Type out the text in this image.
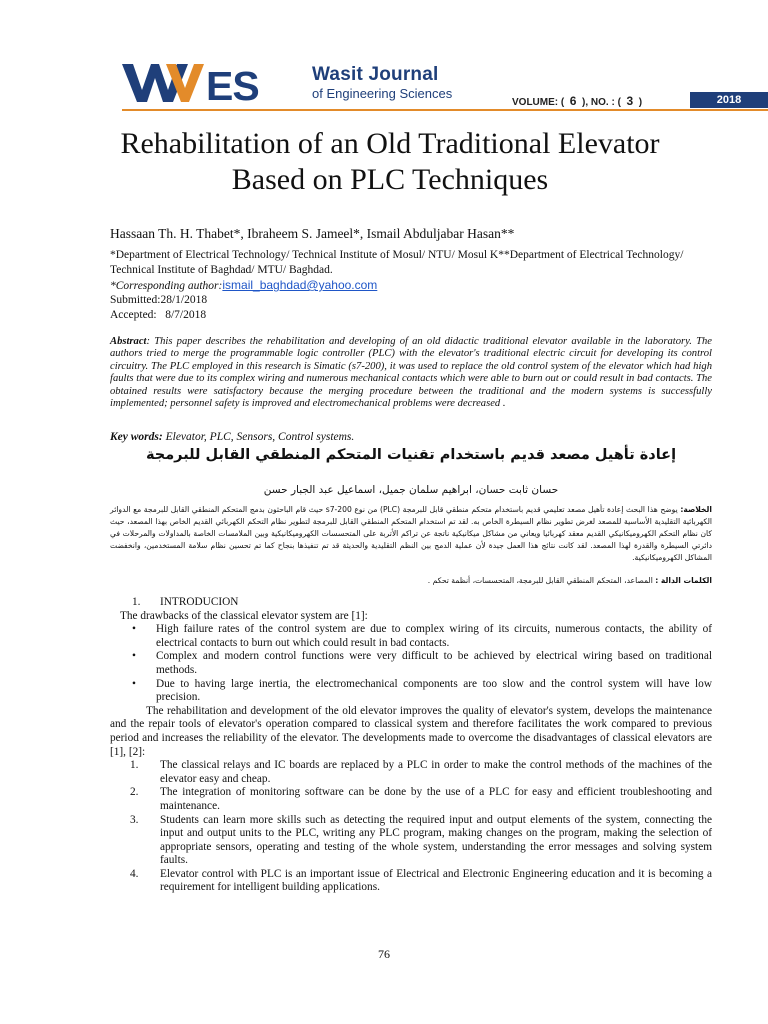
ES	Wasit Journal
of Engineering Sciences
VOLUME: ( 6 ), NO. : ( 3 )	2018
Rehabilitation of an Old Traditional Elevator
Based on PLC Techniques
Hassaan Th. H. Thabet*, Ibraheem S. Jameel*, Ismail Abduljabar Hasan**
*Department of Electrical Technology/ Technical Institute of Mosul/ NTU/ Mosul K**Department of Electrical Technology/ Technical Institute of Baghdad/ MTU/ Baghdad.
*Corresponding author:ismail_baghdad@yahoo.com
Submitted:28/1/2018
Accepted:   8/7/2018
Abstract: This paper describes the rehabilitation and developing of an old didactic traditional elevator available in the laboratory. The authors tried to merge the programmable logic controller (PLC) with the elevator's traditional electric circuit for developing its control circuitry. The PLC employed in this research is Simatic (s7-200), it was used to replace the old control system of the elevator which had high faults that were due to its complex wiring and numerous mechanical contacts which were able to burn out or could result in bad contacts. The obtained results were satisfactory because the merging procedure between the traditional and the modern systems is successfully implemented; personnel safety is improved and electromechanical problems were decreased .
Key words: Elevator, PLC, Sensors, Control systems.
إعادة تأهيل مصعد قديم باستخدام تقنيات المتحكم المنطقي القابل للبرمجة
حسان ثابت حسان، ابراهيم سلمان جميل، اسماعيل عبد الجبار حسن
الخلاصة: يوضح هذا البحث إعادة تأهيل مصعد تعليمي قديم باستخدام متحكم منطقي قابل للبرمجة (PLC) من نوع s7-200 حيث قام الباحثون بدمج المتحكم المنطقي القابل للبرمجة مع الدوائر الكهربائية التقليدية الأساسية للمصعد لغرض تطوير نظام السيطرة الخاص به. لقد تم استخدام المتحكم المنطقي القابل للبرمجة لتطوير نظام التحكم الكهربائي القديم الخاص بهذا المصعد، حيث كان نظام التحكم الكهروميكانيكي القديم معقد كهربائيا ويعاني من مشاكل ميكانيكية ناتجة عن تراكم الأتربة على المتحسسات الكهروميكانيكية وبين الملامسات الخاصة بالمداولات والمرحلات في دائرتي السيطرة والقدرة لهذا المصعد. لقد كانت نتائج هذا العمل جيدة لأن عملية الدمج بين النظم التقليدية والحديثة قد تم تنفيذها بنجاح كما تم تحسين نظام سلامة المستخدمين، وانخفضت المشاكل الكهروميكانيكية.
الكلمات الدالة : المصاعد، المتحكم المنطقي القابل للبرمجة، المتحسسات، أنظمة تحكم .
1.	INTRODUCION
The drawbacks of the classical elevator system are [1]:
•	High failure rates of the control system are due to complex wiring of its circuits, numerous contacts, the ability of electrical contacts to burn out which could result in bad contacts.
•	Complex and modern control functions were very difficult to be achieved by electrical wiring based on traditional methods.
•	Due to having large inertia, the electromechanical components are too slow and the control system will have low precision.
The rehabilitation and development of the old elevator improves the quality of elevator's system, develops the maintenance and the repair tools of elevator's operation compared to classical system and therefore facilitates the work compared to previous period and increases the reliability of the elevator. The developments made to overcome the disadvantages of classical elevators are [1], [2]:
1.	The classical relays and IC boards are replaced by a PLC in order to make the control methods of the machines of the elevator easy and cheap.
2.	The integration of monitoring software can be done by the use of a PLC for easy and efficient troubleshooting and maintenance.
3.	Students can learn more skills such as detecting the required input and output elements of the system, connecting the input and output units to the PLC, writing any PLC program, making changes on the program, making the selection of appropriate sensors, operating and testing of the whole system, understanding the error messages and solving system faults.
4.	Elevator control with PLC is an important issue of Electrical and Electronic Engineering education and it is becoming a requirement for intelligent building applications.
76
